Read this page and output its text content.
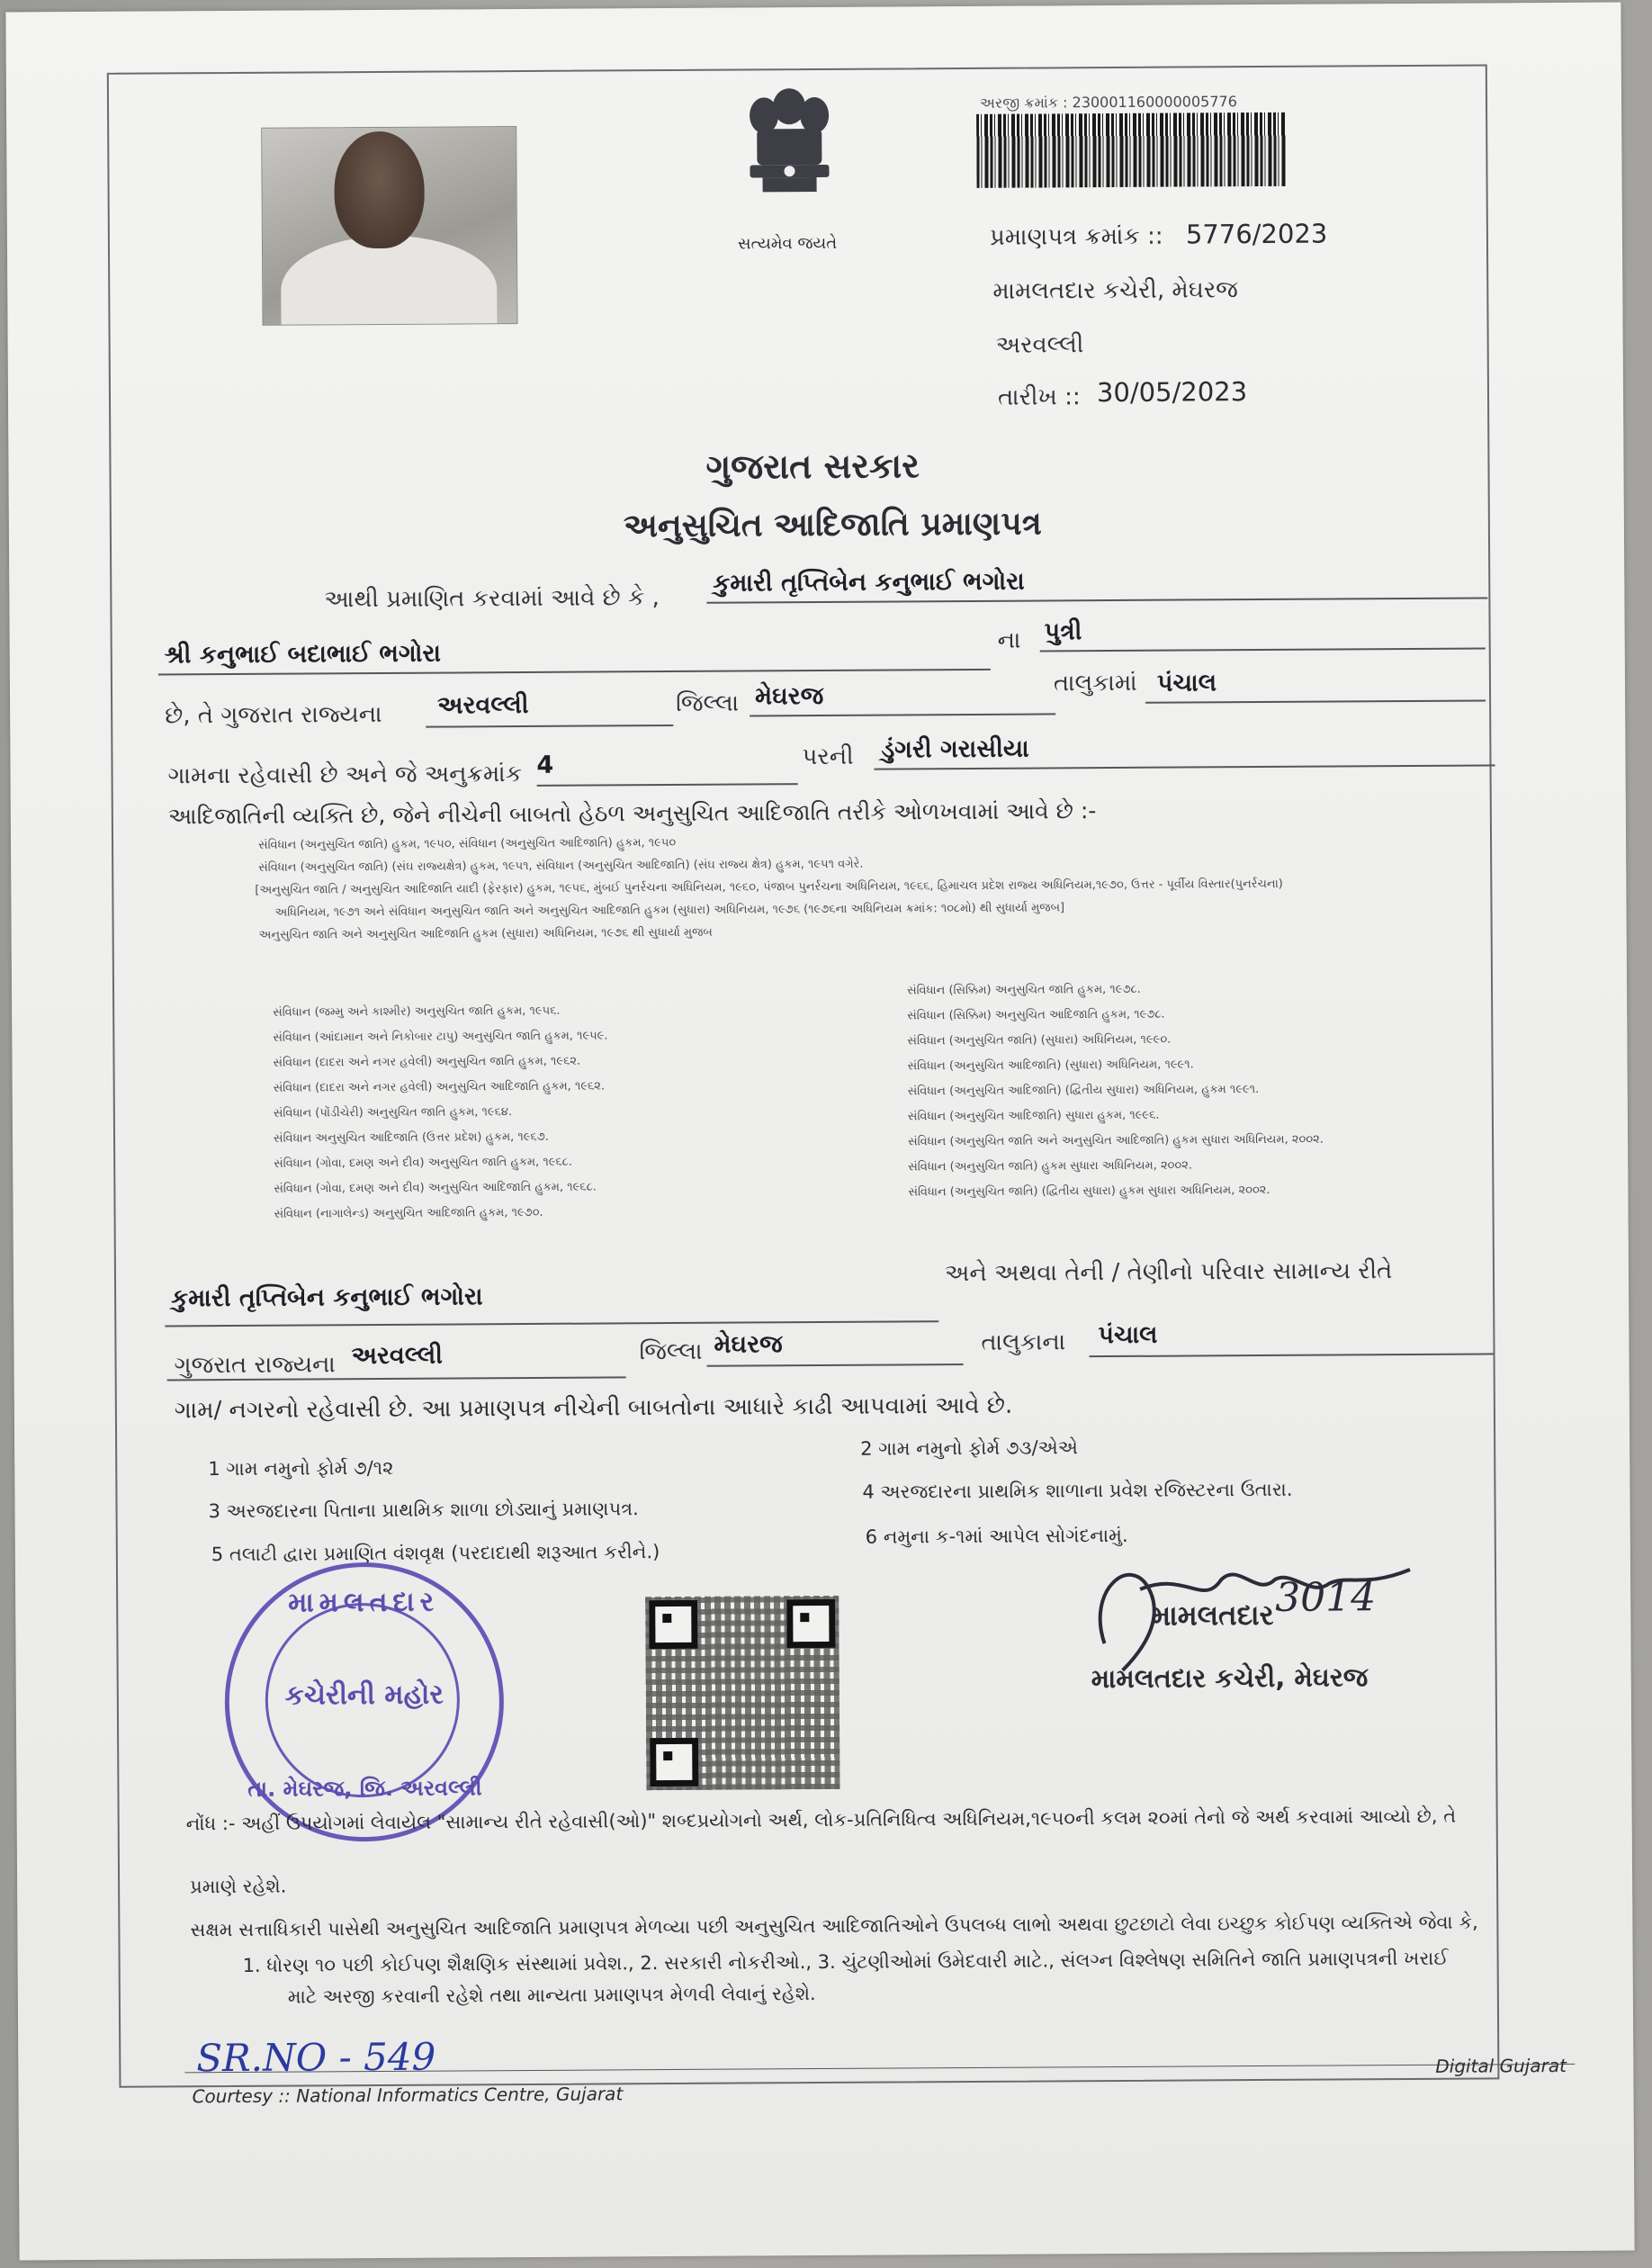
સત્યમેવ જયતે
અરજી ક્રમાંક : 230001160000005776
પ્રમાણપત્ર ક્રમાંક :: 5776/2023
મામલતદાર કચેરી, મેઘરજ
અરવલ્લી
તારીખ :: 30/05/2023
ગુજરાત સરકાર
અનુસુચિત આદિજાતિ પ્રમાણપત્ર
આથી પ્રમાણિત કરવામાં આવે છે કે ,
કુમારી તૃપ્તિબેન કનુભાઈ ભગોરા
શ્રી કનુભાઈ બદાભાઈ ભગોરા	ના પુત્રી
છે, તે ગુજરાત રાજ્યના અરવલ્લી	જિલ્લા મેઘરજ	તાલુકામાં પંચાલ
ગામના રહેવાસી છે અને જે અનુક્રમાંક 4	પરની ડુંગરી ગરાસીયા
આદિજાતિની વ્યક્તિ છે, જેને નીચેની બાબતો હેઠળ અનુસુચિત આદિજાતિ તરીકે ઓળખવામાં આવે છે :-
સંવિધાન (અનુસુચિત જાતિ) હુકમ, ૧૯૫૦, સંવિધાન (અનુસુચિત આદિજાતિ) હુકમ, ૧૯૫૦
સંવિધાન (અનુસુચિત જાતિ) (સંઘ રાજ્યક્ષેત્ર) હુકમ, ૧૯૫૧, સંવિધાન (અનુસુચિત આદિજાતિ) (સંઘ રાજ્ય ક્ષેત્ર) હુકમ, ૧૯૫૧ વગેરે.
[અનુસુચિત જાતિ / અનુસુચિત આદિજાતિ યાદી (ફેરફાર) હુકમ, ૧૯૫૬, મુંબઈ પુનર્રચના અધિનિયમ, ૧૯૬૦, પંજાબ પુનર્રચના અધિનિયમ, ૧૯૬૬, હિમાચલ પ્રદેશ રાજ્ય અધિનિયમ,૧૯૭૦, ઉત્તર - પૂર્વીય વિસ્તાર(પુનર્રચના)
અધિનિયમ, ૧૯૭૧ અને સંવિધાન અનુસુચિત જાતિ અને અનુસુચિત આદિજાતિ હુકમ (સુધારા) અધિનિયમ, ૧૯૭૬ (૧૯૭૬ના અધિનિયમ ક્રમાંક: ૧૦૮મો) થી સુધાર્યા મુજબ]
અનુસુચિત જાતિ અને અનુસુચિત આદિજાતિ હુકમ (સુધારા) અધિનિયમ, ૧૯૭૬ થી સુધાર્યા મુજબ
સંવિધાન (જમ્મુ અને કાશ્મીર) અનુસુચિત જાતિ હુકમ, ૧૯૫૬.
સંવિધાન (આંદામાન અને નિકોબાર ટાપુ) અનુસુચિત જાતિ હુકમ, ૧૯૫૯.
સંવિધાન (દાદરા અને નગર હવેલી) અનુસુચિત જાતિ હુકમ, ૧૯૬૨.
સંવિધાન (દાદરા અને નગર હવેલી) અનુસુચિત આદિજાતિ હુકમ, ૧૯૬૨.
સંવિધાન (પોંડીચેરી) અનુસુચિત જાતિ હુકમ, ૧૯૬૪.
સંવિધાન અનુસુચિત આદિજાતિ (ઉત્તર પ્રદેશ) હુકમ, ૧૯૬૭.
સંવિધાન (ગોવા, દમણ અને દીવ) અનુસુચિત જાતિ હુકમ, ૧૯૬૮.
સંવિધાન (ગોવા, દમણ અને દીવ) અનુસુચિત આદિજાતિ હુકમ, ૧૯૬૮.
સંવિધાન (નાગાલેન્ડ) અનુસુચિત આદિજાતિ હુકમ, ૧૯૭૦.
સંવિધાન (સિક્કિમ) અનુસુચિત જાતિ હુકમ, ૧૯૭૮.
સંવિધાન (સિક્કિમ) અનુસુચિત આદિજાતિ હુકમ, ૧૯૭૮.
સંવિધાન (અનુસુચિત જાતિ) (સુધારા) અધિનિયમ, ૧૯૯૦.
સંવિધાન (અનુસુચિત આદિજાતિ) (સુધારા) અધિનિયમ, ૧૯૯૧.
સંવિધાન (અનુસુચિત આદિજાતિ) (દ્વિતીય સુધારા) અધિનિયમ, હુકમ ૧૯૯૧.
સંવિધાન (અનુસુચિત આદિજાતિ) સુધારા હુકમ, ૧૯૯૬.
સંવિધાન (અનુસુચિત જાતિ અને અનુસુચિત આદિજાતિ) હુકમ સુધારા અધિનિયમ, ૨૦૦૨.
સંવિધાન (અનુસુચિત જાતિ) હુકમ સુધારા અધિનિયમ, ૨૦૦૨.
સંવિધાન (અનુસુચિત જાતિ) (દ્વિતીય સુધારા) હુકમ સુધારા અધિનિયમ, ૨૦૦૨.
અને અથવા તેની / તેણીનો પરિવાર સામાન્ય રીતે
કુમારી તૃપ્તિબેન કનુભાઈ ભગોરા
ગુજરાત રાજ્યના અરવલ્લી	જિલ્લા મેઘરજ	તાલુકાના પંચાલ
ગામ/ નગરનો રહેવાસી છે. આ પ્રમાણપત્ર નીચેની બાબતોના આધારે કાઢી આપવામાં આવે છે.
1 ગામ નમુનો ફોર્મ ૭/૧૨
2 ગામ નમુનો ફોર્મ ૭૩/એએ
3 અરજદારના પિતાના પ્રાથમિક શાળા છોડ્યાનું પ્રમાણપત્ર.
4 અરજદારના પ્રાથમિક શાળાના પ્રવેશ રજિસ્ટરના ઉતારા.
5 તલાટી દ્વારા પ્રમાણિત વંશવૃક્ષ (પરદાદાથી શરૂઆત કરીને.)
6 નમુના ક-૧માં આપેલ સોગંદનામું.
મામલતદાર
કચેરીની મહોર
તા. મેઘરજ, જિ. અરવલ્લી
3014
મામલતદાર
મામલતદાર કચેરી, મેઘરજ
નોંધ :- અહીં ઉપયોગમાં લેવાયેલ "સામાન્ય રીતે રહેવાસી(ઓ)" શબ્દપ્રયોગનો અર્થ, લોક-પ્રતિનિધિત્વ અધિનિયમ,૧૯૫૦ની કલમ ૨૦માં તેનો જે અર્થ કરવામાં આવ્યો છે, તે
પ્રમાણે રહેશે.
સક્ષમ સત્તાધિકારી પાસેથી અનુસુચિત આદિજાતિ પ્રમાણપત્ર મેળવ્યા પછી અનુસુચિત આદિજાતિઓને ઉપલબ્ધ લાભો અથવા છુટછાટો લેવા ઇચ્છુક કોઈપણ વ્યક્તિએ જેવા કે,
1. ધોરણ ૧૦ પછી કોઈપણ શૈક્ષણિક સંસ્થામાં પ્રવેશ., 2. સરકારી નોકરીઓ., 3. ચુંટણીઓમાં ઉમેદવારી માટે., સંલગ્ન વિશ્લેષણ સમિતિને જાતિ પ્રમાણપત્રની ખરાઈ
માટે અરજી કરવાની રહેશે તથા માન્યતા પ્રમાણપત્ર મેળવી લેવાનું રહેશે.
SR.NO - 549
Courtesy :: National Informatics Centre, Gujarat
Digital Gujarat
